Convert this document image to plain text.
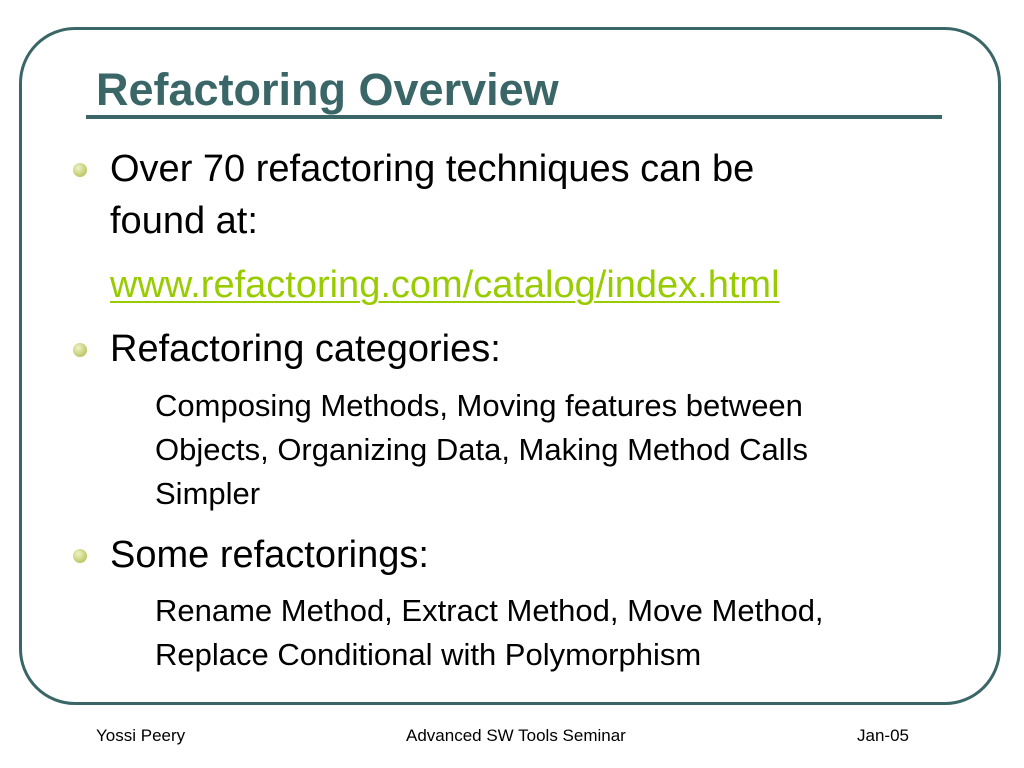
Refactoring Overview
Over 70 refactoring techniques can be
found at:
www.refactoring.com/catalog/index.html
Refactoring categories:
Composing Methods, Moving features between
Objects, Organizing Data, Making Method Calls
Simpler
Some refactorings:
Rename Method, Extract Method, Move Method,
Replace Conditional with Polymorphism
Yossi Peery	Advanced SW Tools Seminar	Jan-05
